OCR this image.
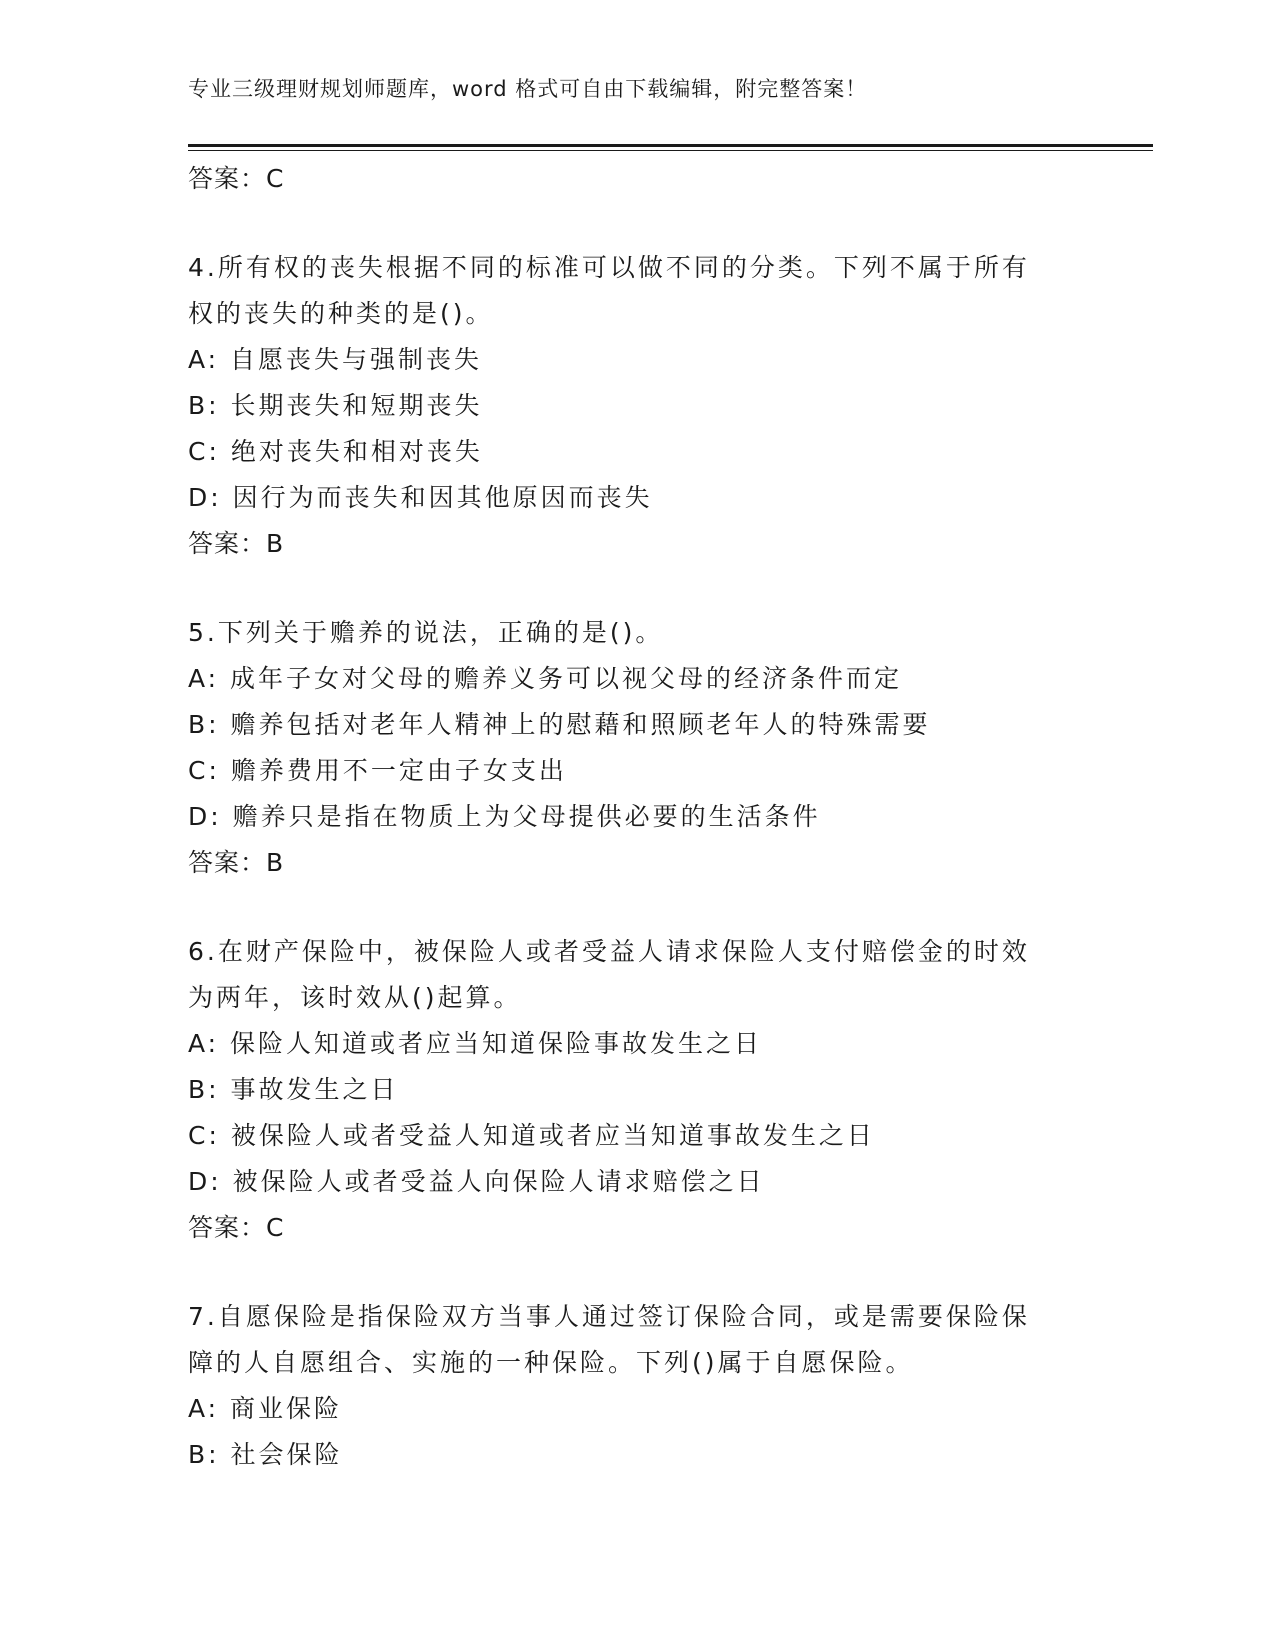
专业三级理财规划师题库，word 格式可自由下载编辑，附完整答案！
答案：C
4.所有权的丧失根据不同的标准可以做不同的分类。下列不属于所有
权的丧失的种类的是()。
A: 自愿丧失与强制丧失
B: 长期丧失和短期丧失
C: 绝对丧失和相对丧失
D: 因行为而丧失和因其他原因而丧失
答案：B
5.下列关于赡养的说法，正确的是()。
A: 成年子女对父母的赡养义务可以视父母的经济条件而定
B: 赡养包括对老年人精神上的慰藉和照顾老年人的特殊需要
C: 赡养费用不一定由子女支出
D: 赡养只是指在物质上为父母提供必要的生活条件
答案：B
6.在财产保险中，被保险人或者受益人请求保险人支付赔偿金的时效
为两年，该时效从()起算。
A: 保险人知道或者应当知道保险事故发生之日
B: 事故发生之日
C: 被保险人或者受益人知道或者应当知道事故发生之日
D: 被保险人或者受益人向保险人请求赔偿之日
答案：C
7.自愿保险是指保险双方当事人通过签订保险合同，或是需要保险保
障的人自愿组合、实施的一种保险。下列()属于自愿保险。
A: 商业保险
B: 社会保险
